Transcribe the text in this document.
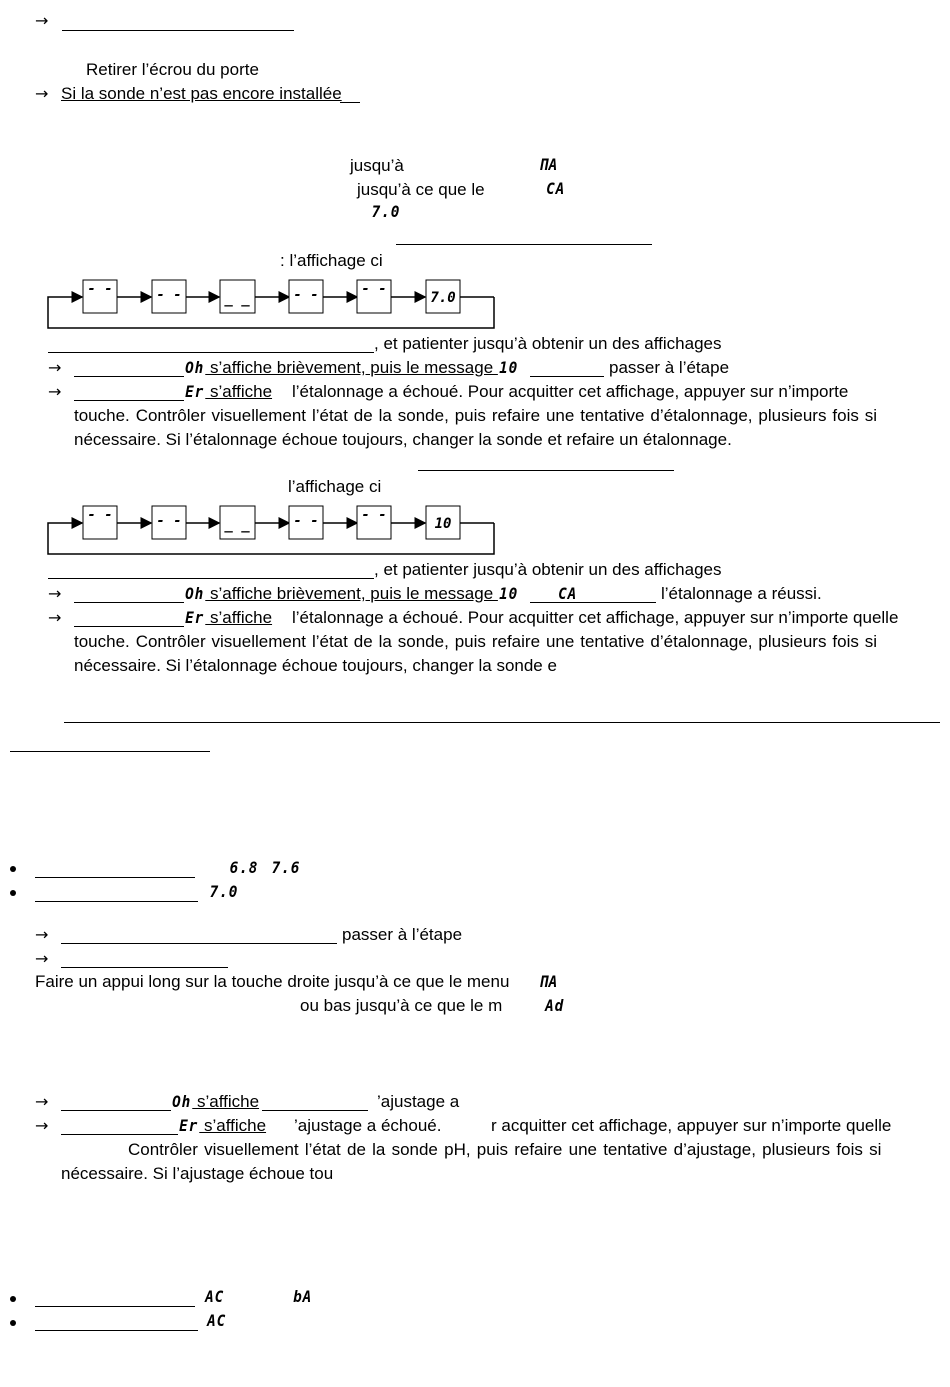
→
Retirer l’écrou du porte
→ Si la sonde n’est pas encore installée
jusqu’à	ΠΑ
jusqu’à ce que le	CA
7.0
: l’affichage ci
- -	- -	_ _	- -	- -
7.0
, et patienter jusqu’à obtenir un des affichages
→	Oh s’affiche brièvement, puis le message 10	passer à l’étape
→	Er s’affiche l’étalonnage a échoué. Pour acquitter cet affichage, appuyer sur n’importe
touche. Contrôler visuellement l’état de la sonde, puis refaire une tentative d’étalonnage, plusieurs fois si
nécessaire. Si l’étalonnage échoue toujours, changer la sonde et refaire un étalonnage.
l’affichage ci
- -	- -	_ _	- -	- -
10
, et patienter jusqu’à obtenir un des affichages
→	Oh s’affiche brièvement, puis le message 10 CA	l’étalonnage a réussi.
→	Er s’affiche l’étalonnage a échoué. Pour acquitter cet affichage, appuyer sur n’importe quelle
touche. Contrôler visuellement l’état de la sonde, puis refaire une tentative d’étalonnage, plusieurs fois si
nécessaire. Si l’étalonnage échoue toujours, changer la sonde e
6.8 7.6
7.0
→	passer à l’étape
→
Faire un appui long sur la touche droite jusqu’à ce que le menu ΠΑ
ou bas jusqu’à ce que le m	Ad
→	Oh s’affiche	’ajustage a
→	Er s’affiche ’ajustage a échoué.	r acquitter cet affichage, appuyer sur n’importe quelle
Contrôler visuellement l’état de la sonde pH, puis refaire une tentative d’ajustage, plusieurs fois si
nécessaire. Si l’ajustage échoue tou
AC	bA
AC
